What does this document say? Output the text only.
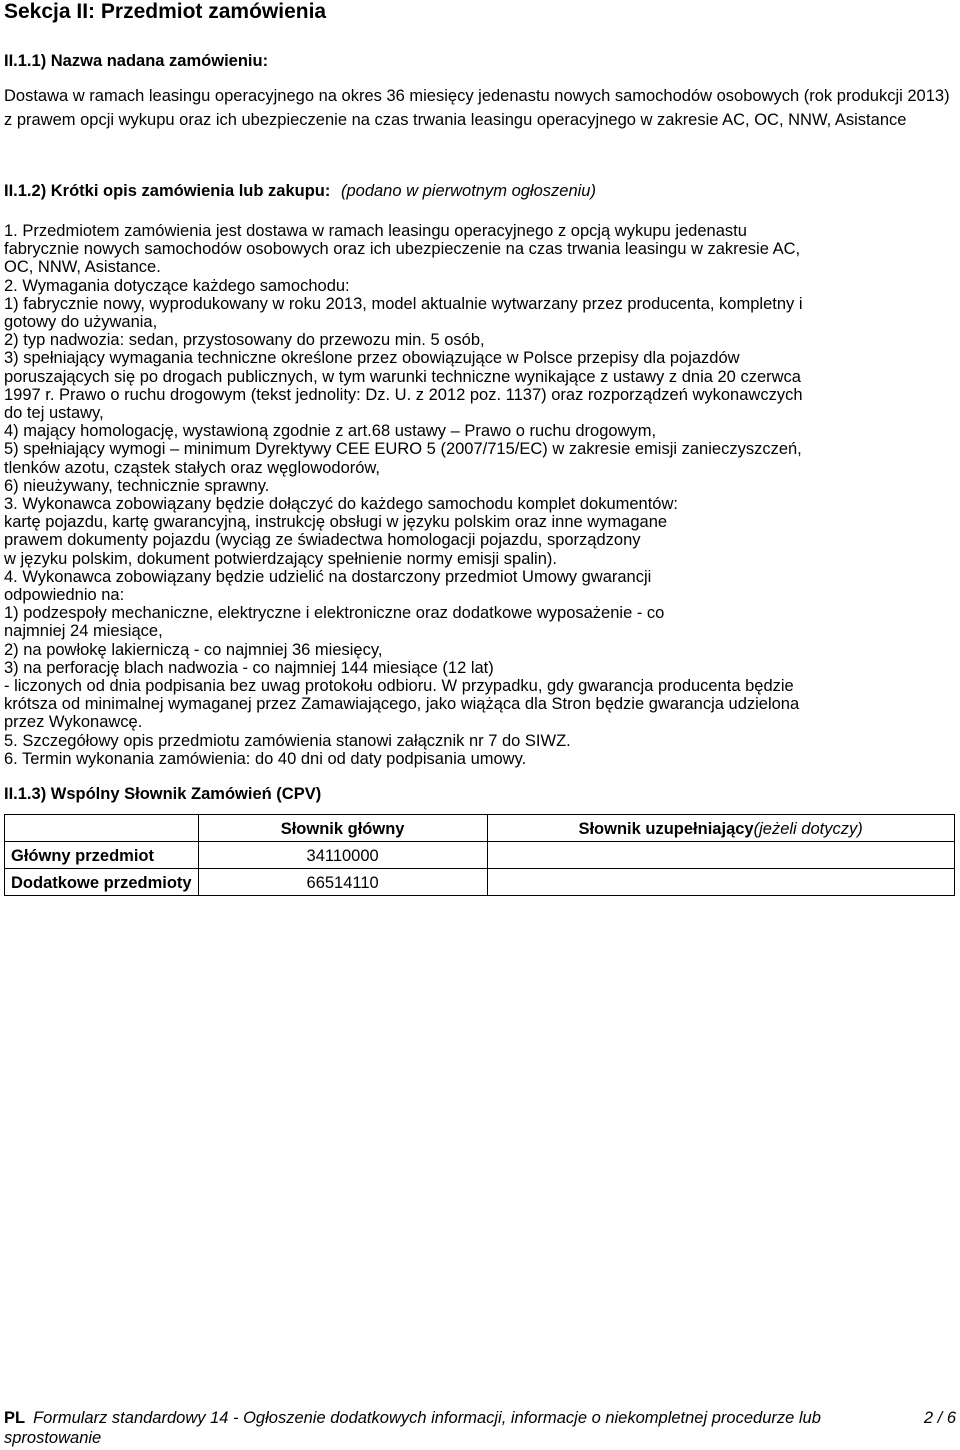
Sekcja II: Przedmiot zamówienia
II.1.1) Nazwa nadana zamówieniu:

Dostawa w ramach leasingu operacyjnego na okres 36 miesięcy jedenastu nowych samochodów osobowych (rok produkcji 2013) z prawem opcji wykupu oraz ich ubezpieczenie na czas trwania leasingu operacyjnego w zakresie AC, OC, NNW, Asistance

II.1.2) Krótki opis zamówienia lub zakupu: (podano w pierwotnym ogłoszeniu)
1. Przedmiotem zamówienia jest dostawa w ramach leasingu operacyjnego z opcją wykupu jedenastu
fabrycznie nowych samochodów osobowych oraz ich ubezpieczenie na czas trwania leasingu w zakresie AC,
OC, NNW, Asistance.
2. Wymagania dotyczące każdego samochodu:
1) fabrycznie nowy, wyprodukowany w roku 2013, model aktualnie wytwarzany przez producenta, kompletny i
gotowy do używania,
2) typ nadwozia: sedan, przystosowany do przewozu min. 5 osób,
3) spełniający wymagania techniczne określone przez obowiązujące w Polsce przepisy dla pojazdów
poruszających się po drogach publicznych, w tym warunki techniczne wynikające z ustawy z dnia 20 czerwca
1997 r. Prawo o ruchu drogowym (tekst jednolity: Dz. U. z 2012 poz. 1137) oraz rozporządzeń wykonawczych
do tej ustawy,
4) mający homologację, wystawioną zgodnie z art.68 ustawy – Prawo o ruchu drogowym,
5) spełniający wymogi – minimum Dyrektywy CEE EURO 5 (2007/715/EC) w zakresie emisji zanieczyszczeń,
tlenków azotu, cząstek stałych oraz węglowodorów,
6) nieużywany, technicznie sprawny.
3. Wykonawca zobowiązany będzie dołączyć do każdego samochodu komplet dokumentów:
kartę pojazdu, kartę gwarancyjną, instrukcję obsługi w języku polskim oraz inne wymagane
prawem dokumenty pojazdu (wyciąg ze świadectwa homologacji pojazdu, sporządzony
w języku polskim, dokument potwierdzający spełnienie normy emisji spalin).
4. Wykonawca zobowiązany będzie udzielić na dostarczony przedmiot Umowy gwarancji
odpowiednio na:
1) podzespoły mechaniczne, elektryczne i elektroniczne oraz dodatkowe wyposażenie - co
najmniej 24 miesiące,
2) na powłokę lakierniczą - co najmniej 36 miesięcy,
3) na perforację blach nadwozia - co najmniej 144 miesiące (12 lat)
- liczonych od dnia podpisania bez uwag protokołu odbioru. W przypadku, gdy gwarancja producenta będzie
krótsza od minimalnej wymaganej przez Zamawiającego, jako wiążąca dla Stron będzie gwarancja udzielona
przez Wykonawcę.
5. Szczegółowy opis przedmiotu zamówienia stanowi załącznik nr 7 do SIWZ.
6. Termin wykonania zamówienia: do 40 dni od daty podpisania umowy.
II.1.3) Wspólny Słownik Zamówień (CPV)
	Słownik główny	Słownik uzupełniający(jeżeli dotyczy)
Główny przedmiot	34110000	
Dodatkowe przedmioty	66514110	
PL Formularz standardowy 14 - Ogłoszenie dodatkowych informacji, informacje o niekompletnej procedurze lub sprostowanie
2 / 6
